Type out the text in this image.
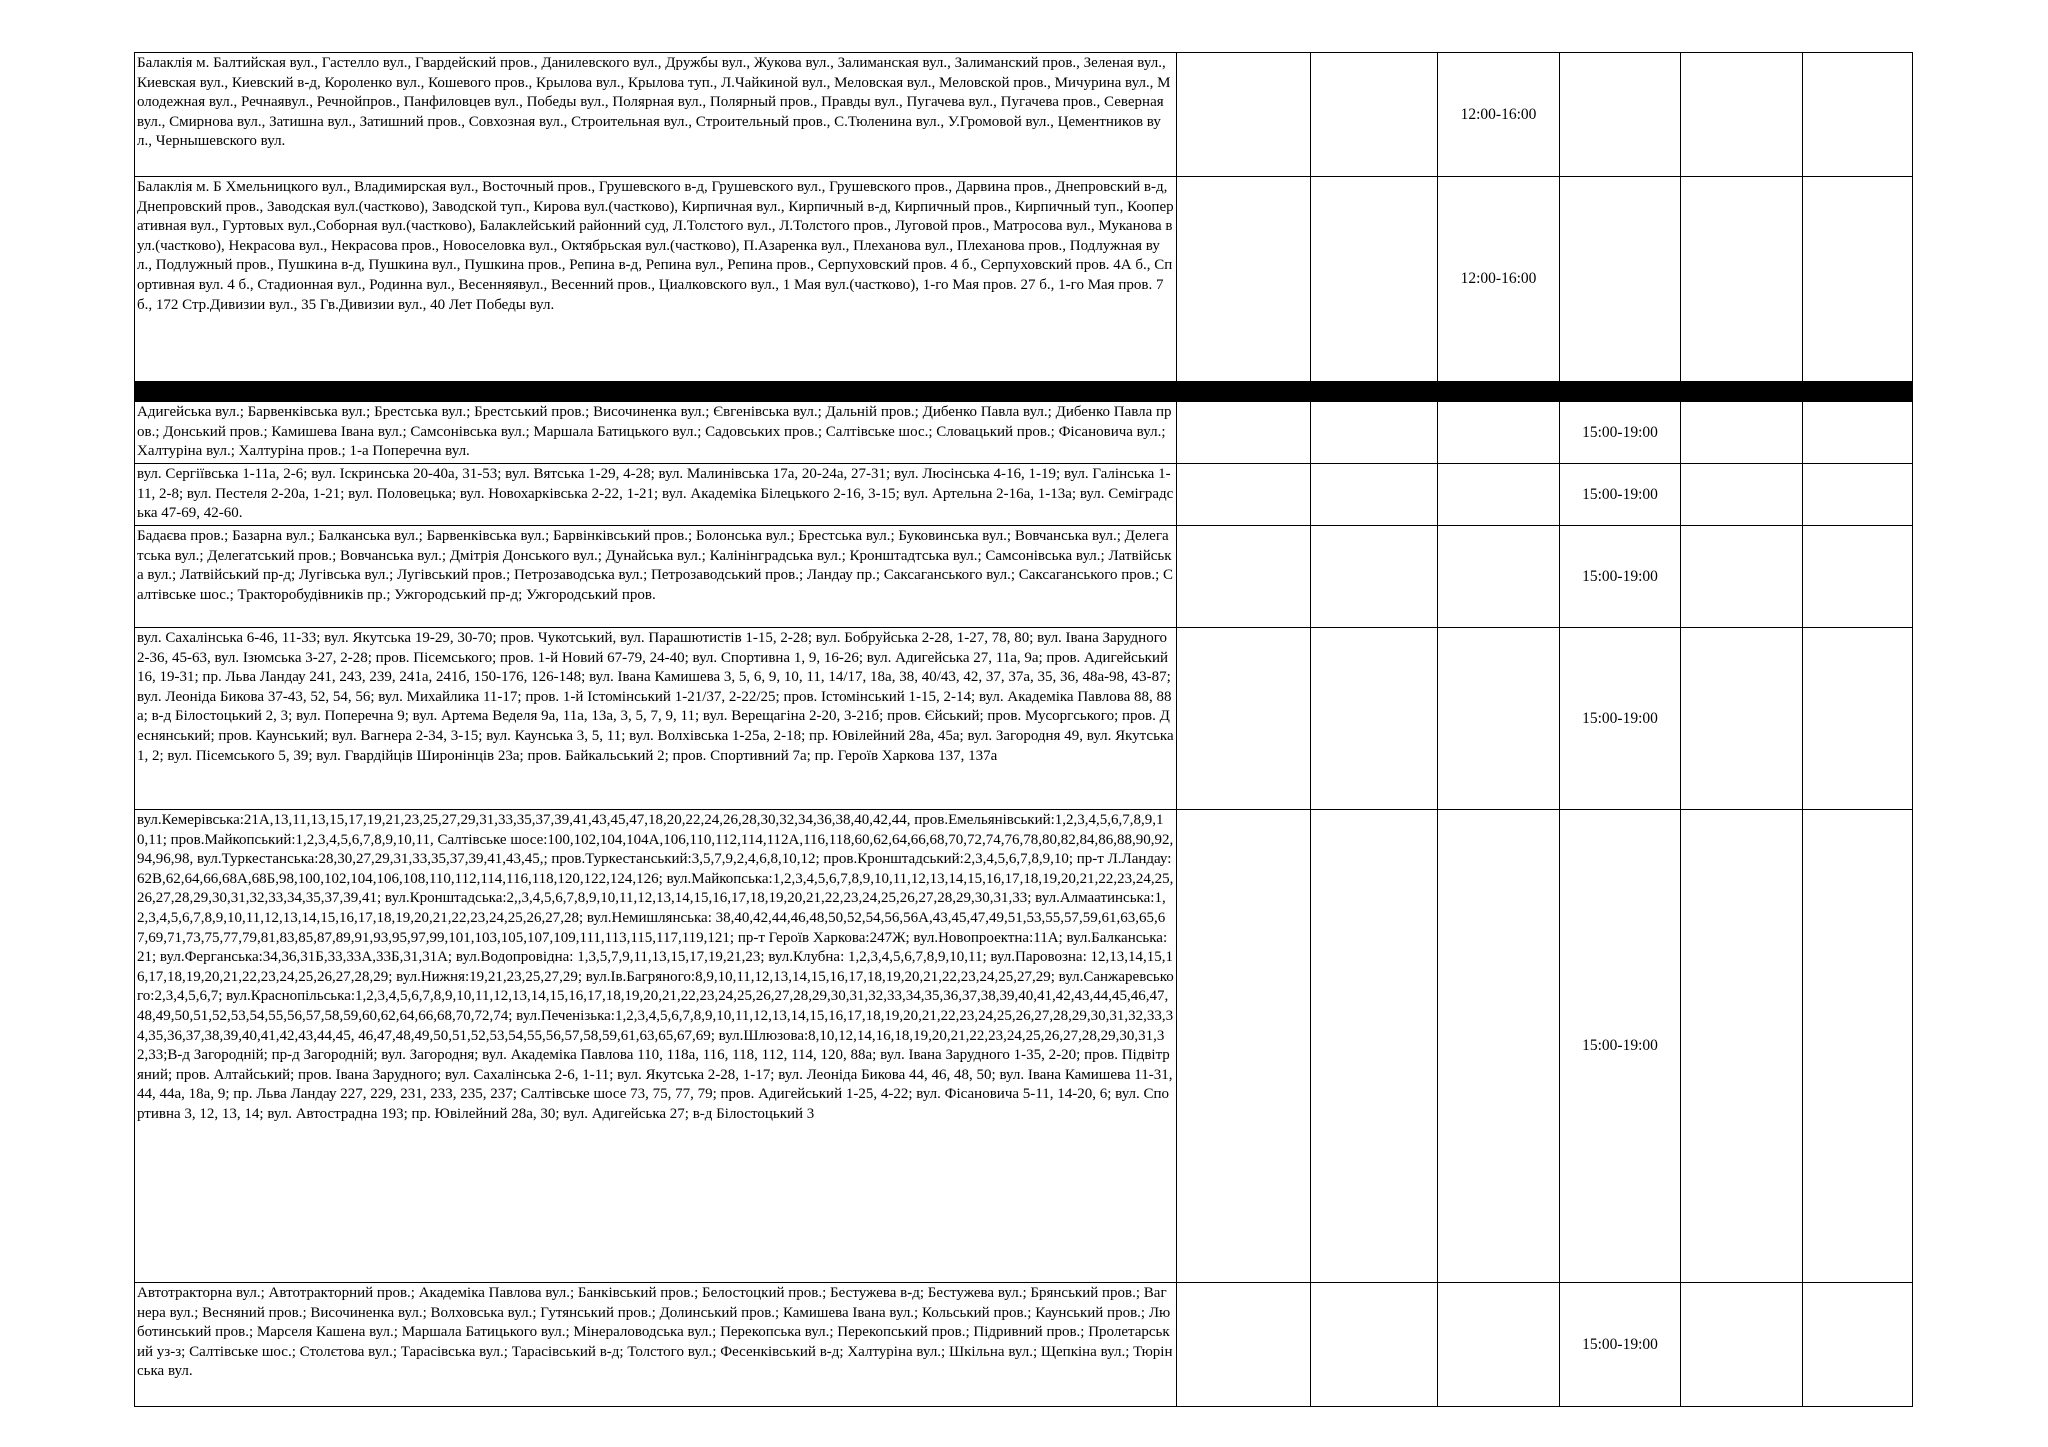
Балаклія м. Балтийская вул., Гастелло вул., Гвардейский пров., Данилевского вул., Дружбы вул., Жукова вул., Залиманская вул., Залиманский пров., Зеленая вул., Киевская вул., Киевский в-д, Короленко вул., Кошевого пров., Крылова вул., Крылова туп., Л.Чайкиной вул., Меловская вул., Меловской пров., Мичурина вул., Молодежная вул., Речнаявул., Речнойпров., Панфиловцев вул., Победы вул., Полярная вул., Полярный пров., Правды вул., Пугачева вул., Пугачева пров., Северная вул., Смирнова вул., Затишна вул., Затишний пров., Совхозная вул., Строительная вул., Строительный пров., С.Тюленина вул., У.Громовой вул., Цементников вул., Чернышевского вул.			12:00-16:00			
Балаклія м. Б Хмельницкого вул., Владимирская вул., Восточный пров., Грушевского в-д, Грушевского вул., Грушевского пров., Дарвина пров., Днепровский в-д, Днепровский пров., Заводская вул.(частково), Заводской туп., Кирова вул.(частково), Кирпичная вул., Кирпичный в-д, Кирпичный пров., Кирпичный туп., Кооперативная вул., Гуртовых вул.,Соборная вул.(частково), Балаклейський районний суд, Л.Толстого вул., Л.Толстого пров., Луговой пров., Матросова вул., Муканова вул.(частково), Некрасова вул., Некрасова пров., Новоселовка вул., Октябрьская вул.(частково), П.Азаренка вул., Плеханова вул., Плеханова пров., Подлужная вул., Подлужный пров., Пушкина в-д, Пушкина вул., Пушкина пров., Репина в-д, Репина вул., Репина пров., Серпуховский пров. 4 б., Серпуховский пров. 4А б., Спортивная вул. 4 б., Стадионная вул., Родинна вул., Весенняявул., Весенний пров., Циалковского вул., 1 Мая вул.(частково), 1-го Мая пров. 27 б., 1-го Мая пров. 7 б., 172 Стр.Дивизии вул., 35 Гв.Дивизии вул., 40 Лет Победы вул.			12:00-16:00			

Адигейська вул.; Барвенківська вул.; Брестська вул.; Брестський пров.; Височиненка вул.; Євгенівська вул.; Дальній пров.; Дибенко Павла вул.; Дибенко Павла пров.; Донський пров.; Камишева Івана вул.; Самсонівська вул.; Маршала Батицького вул.; Садовських пров.; Салтівське шос.; Словацький пров.; Фісановича вул.; Халтуріна вул.; Халтуріна пров.; 1-а Поперечна вул.				15:00-19:00		
вул. Сергіївська 1-11а, 2-6; вул. Іскринська 20-40а, 31-53; вул. Вятська 1-29, 4-28; вул. Малинівська 17а, 20-24а, 27-31; вул. Люсінська 4-16, 1-19; вул. Галінська 1-11, 2-8; вул. Пестеля 2-20а, 1-21; вул. Половецька; вул. Новохарківська 2-22, 1-21; вул. Академіка Білецького 2-16, 3-15; вул. Артельна 2-16а, 1-13а; вул. Семіградська 47-69, 42-60.				15:00-19:00		
Бадаєва пров.; Базарна вул.; Балканська вул.; Барвенківська вул.; Барвінківський пров.; Болонська вул.; Брестська вул.; Буковинська вул.; Вовчанська вул.; Делегатська вул.; Делегатський пров.; Вовчанська вул.; Дмітрія Донського вул.; Дунайська вул.; Калінінградська вул.; Кронштадтська вул.; Самсонівська вул.; Латвійська вул.; Латвійський пр-д; Лугівська вул.; Лугівський пров.; Петрозаводська вул.; Петрозаводський пров.; Ландау пр.; Саксаганського вул.; Саксаганського пров.; Салтівське шос.; Тракторобудівників пр.; Ужгородський пр-д; Ужгородський пров.				15:00-19:00		
вул. Сахалінська 6-46, 11-33; вул. Якутська 19-29, 30-70; пров. Чукотський, вул. Парашютистів 1-15, 2-28; вул. Бобруйська 2-28, 1-27, 78, 80; вул. Івана Зарудного 2-36, 45-63, вул. Ізюмська 3-27, 2-28; пров. Пісемського; пров. 1-й Новий 67-79, 24-40; вул. Спортивна 1, 9, 16-26; вул. Адигейська 27, 11а, 9а; пров. Адигейський 16, 19-31; пр. Льва Ландау 241, 243, 239, 241а, 241б, 150-176, 126-148; вул. Івана Камишева 3, 5, 6, 9, 10, 11, 14/17, 18а, 38, 40/43, 42, 37, 37а, 35, 36, 48а-98, 43-87; вул. Леоніда Бикова 37-43, 52, 54, 56; вул. Михайлика 11-17; пров. 1-й Істомінський 1-21/37, 2-22/25; пров. Істомінський 1-15, 2-14; вул. Академіка Павлова 88, 88а; в-д Білостоцький 2, 3; вул. Поперечна 9; вул. Артема Веделя 9а, 11а, 13а, 3, 5, 7, 9, 11; вул. Верещагіна 2-20, 3-21б; пров. Єйський; пров. Мусоргського; пров. Деснянський; пров. Каунський; вул. Вагнера 2-34, 3-15; вул. Каунська 3, 5, 11; вул. Волхівська 1-25а, 2-18; пр. Ювілейний 28а, 45а; вул. Загородня 49, вул. Якутська 1, 2; вул. Пісемського 5, 39; вул. Гвардійців Широнінців 23а; пров. Байкальський 2; пров. Спортивний 7а; пр. Героїв Харкова 137, 137а				15:00-19:00		
вул.Кемерівська:21А,13,11,13,15,17,19,21,23,25,27,29,31,33,35,37,39,41,43,45,47,18,20,22,24,26,28,30,32,34,36,38,40,42,44, пров.Емельянівський:1,2,3,4,5,6,7,8,9,10,11; пров.Майкопський:1,2,3,4,5,6,7,8,9,10,11, Салтівське шосе:100,102,104,104А,106,110,112,114,112А,116,118,60,62,64,66,68,70,72,74,76,78,80,82,84,86,88,90,92,94,96,98, вул.Туркестанська:28,30,27,29,31,33,35,37,39,41,43,45,; пров.Туркестанський:3,5,7,9,2,4,6,8,10,12; пров.Кронштадський:2,3,4,5,6,7,8,9,10; пр-т Л.Ландау:62В,62,64,66,68А,68Б,98,100,102,104,106,108,110,112,114,116,118,120,122,124,126; вул.Майкопська:1,2,3,4,5,6,7,8,9,10,11,12,13,14,15,16,17,18,19,20,21,22,23,24,25,26,27,28,29,30,31,32,33,34,35,37,39,41; вул.Кронштадська:2,,3,4,5,6,7,8,9,10,11,12,13,14,15,16,17,18,19,20,21,22,23,24,25,26,27,28,29,30,31,33; вул.Алмаатинська:1,2,3,4,5,6,7,8,9,10,11,12,13,14,15,16,17,18,19,20,21,22,23,24,25,26,27,28; вул.Немишлянська: 38,40,42,44,46,48,50,52,54,56,56А,43,45,47,49,51,53,55,57,59,61,63,65,67,69,71,73,75,77,79,81,83,85,87,89,91,93,95,97,99,101,103,105,107,109,111,113,115,117,119,121; пр-т Героїв Харкова:247Ж; вул.Новопроектна:11А; вул.Балканська:21; вул.Ферганська:34,36,31Б,33,33А,33Б,31,31А; вул.Водопровідна: 1,3,5,7,9,11,13,15,17,19,21,23; вул.Клубна: 1,2,3,4,5,6,7,8,9,10,11; вул.Паровозна: 12,13,14,15,16,17,18,19,20,21,22,23,24,25,26,27,28,29; вул.Нижня:19,21,23,25,27,29; вул.Ів.Багряного:8,9,10,11,12,13,14,15,16,17,18,19,20,21,22,23,24,25,27,29; вул.Санжаревського:2,3,4,5,6,7; вул.Краснопільська:1,2,3,4,5,6,7,8,9,10,11,12,13,14,15,16,17,18,19,20,21,22,23,24,25,26,27,28,29,30,31,32,33,34,35,36,37,38,39,40,41,42,43,44,45,46,47,48,49,50,51,52,53,54,55,56,57,58,59,60,62,64,66,68,70,72,74; вул.Печенізька:1,2,3,4,5,6,7,8,9,10,11,12,13,14,15,16,17,18,19,20,21,22,23,24,25,26,27,28,29,30,31,32,33,34,35,36,37,38,39,40,41,42,43,44,45, 46,47,48,49,50,51,52,53,54,55,56,57,58,59,61,63,65,67,69; вул.Шлюзова:8,10,12,14,16,18,19,20,21,22,23,24,25,26,27,28,29,30,31,32,33;В-д Загородній; пр-д Загородній; вул. Загородня; вул. Академіка Павлова 110, 118а, 116, 118, 112, 114, 120, 88а; вул. Івана Зарудного 1-35, 2-20; пров. Підвітряний; пров. Алтайський; пров. Івана Зарудного; вул. Сахалінська 2-6, 1-11; вул. Якутська 2-28, 1-17; вул. Леоніда Бикова 44, 46, 48, 50; вул. Івана Камишева 11-31, 44, 44а, 18а, 9; пр. Льва Ландау 227, 229, 231, 233, 235, 237; Салтівське шосе 73, 75, 77, 79; пров. Адигейський 1-25, 4-22; вул. Фісановича 5-11, 14-20, 6; вул. Спортивна 3, 12, 13, 14; вул. Автострадна 193; пр. Ювілейний 28а, 30; вул. Адигейська 27; в-д Білостоцький 3				15:00-19:00		
Автотракторна вул.; Автотракторний пров.; Академіка Павлова вул.; Банківський пров.; Белостоцкий пров.; Бестужева в-д; Бестужева вул.; Брянський пров.; Вагнера вул.; Весняний пров.; Височиненка вул.; Волховська вул.; Гутянський пров.; Долинський пров.; Камишева Івана вул.; Кольський пров.; Каунський пров.; Люботинський пров.; Марселя Кашена вул.; Маршала Батицького вул.; Мінераловодська вул.; Перекопська вул.; Перекопський пров.; Підривний пров.; Пролетарський уз-з; Салтівське шос.; Столєтова вул.; Тарасівська вул.; Тарасівський в-д; Толстого вул.; Фесенківський в-д; Халтуріна вул.; Шкільна вул.; Щепкіна вул.; Тюрінська вул.				15:00-19:00		
